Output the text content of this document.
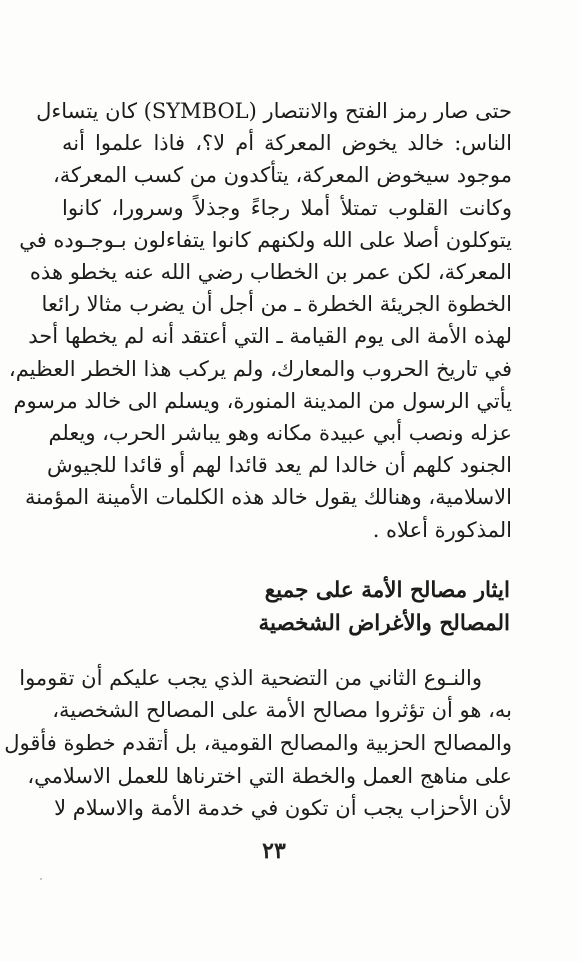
حتى صار رمز الفتح والانتصار (SYMBOL) كان يتساءل

الناس: خالد يخوض المعركة أم لا؟، فاذا علموا أنه

موجود سيخوض المعركة، يتأكدون من كسب المعركة،

وكانت القلوب تمتلأ أملا رجاءً وجذلاً وسرورا، كانوا

يتوكلون أصلا على الله ولكنهم كانوا يتفاءلون بـوجـوده في

المعركة، لكن عمر بن الخطاب رضي الله عنه يخطو هذه

الخطوة الجريئة الخطرة ـ من أجل أن يضرب مثالا رائعا

لهذه الأمة الى يوم القيامة ـ التي أعتقد أنه لم يخطها أحد

في تاريخ الحروب والمعارك، ولم يركب هذا الخطر العظيم،

يأتي الرسول من المدينة المنورة، ويسلم الى خالد مرسوم

عزله ونصب أبي عبيدة مكانه وهو يباشر الحرب، ويعلم

الجنود كلهم أن خالدا لم يعد قائدا لهم أو قائدا للجيوش

الاسلامية، وهنالك يقول خالد هذه الكلمات الأمينة المؤمنة

المذكورة أعلاه .

ايثار مصالح الأمة على جميع
المصالح والأغراض الشخصية

والنـوع الثاني من التضحية الذي يجب عليكم أن تقوموا

به، هو أن تؤثروا مصالح الأمة على المصالح الشخصية،

والمصالح الحزبية والمصالح القومية، بل أتقدم خطوة فأقول

على مناهج العمل والخطة التي اخترناها للعمل الاسلامي،

لأن الأحزاب يجب أن تكون في خدمة الأمة والاسلام لا

٢٣
